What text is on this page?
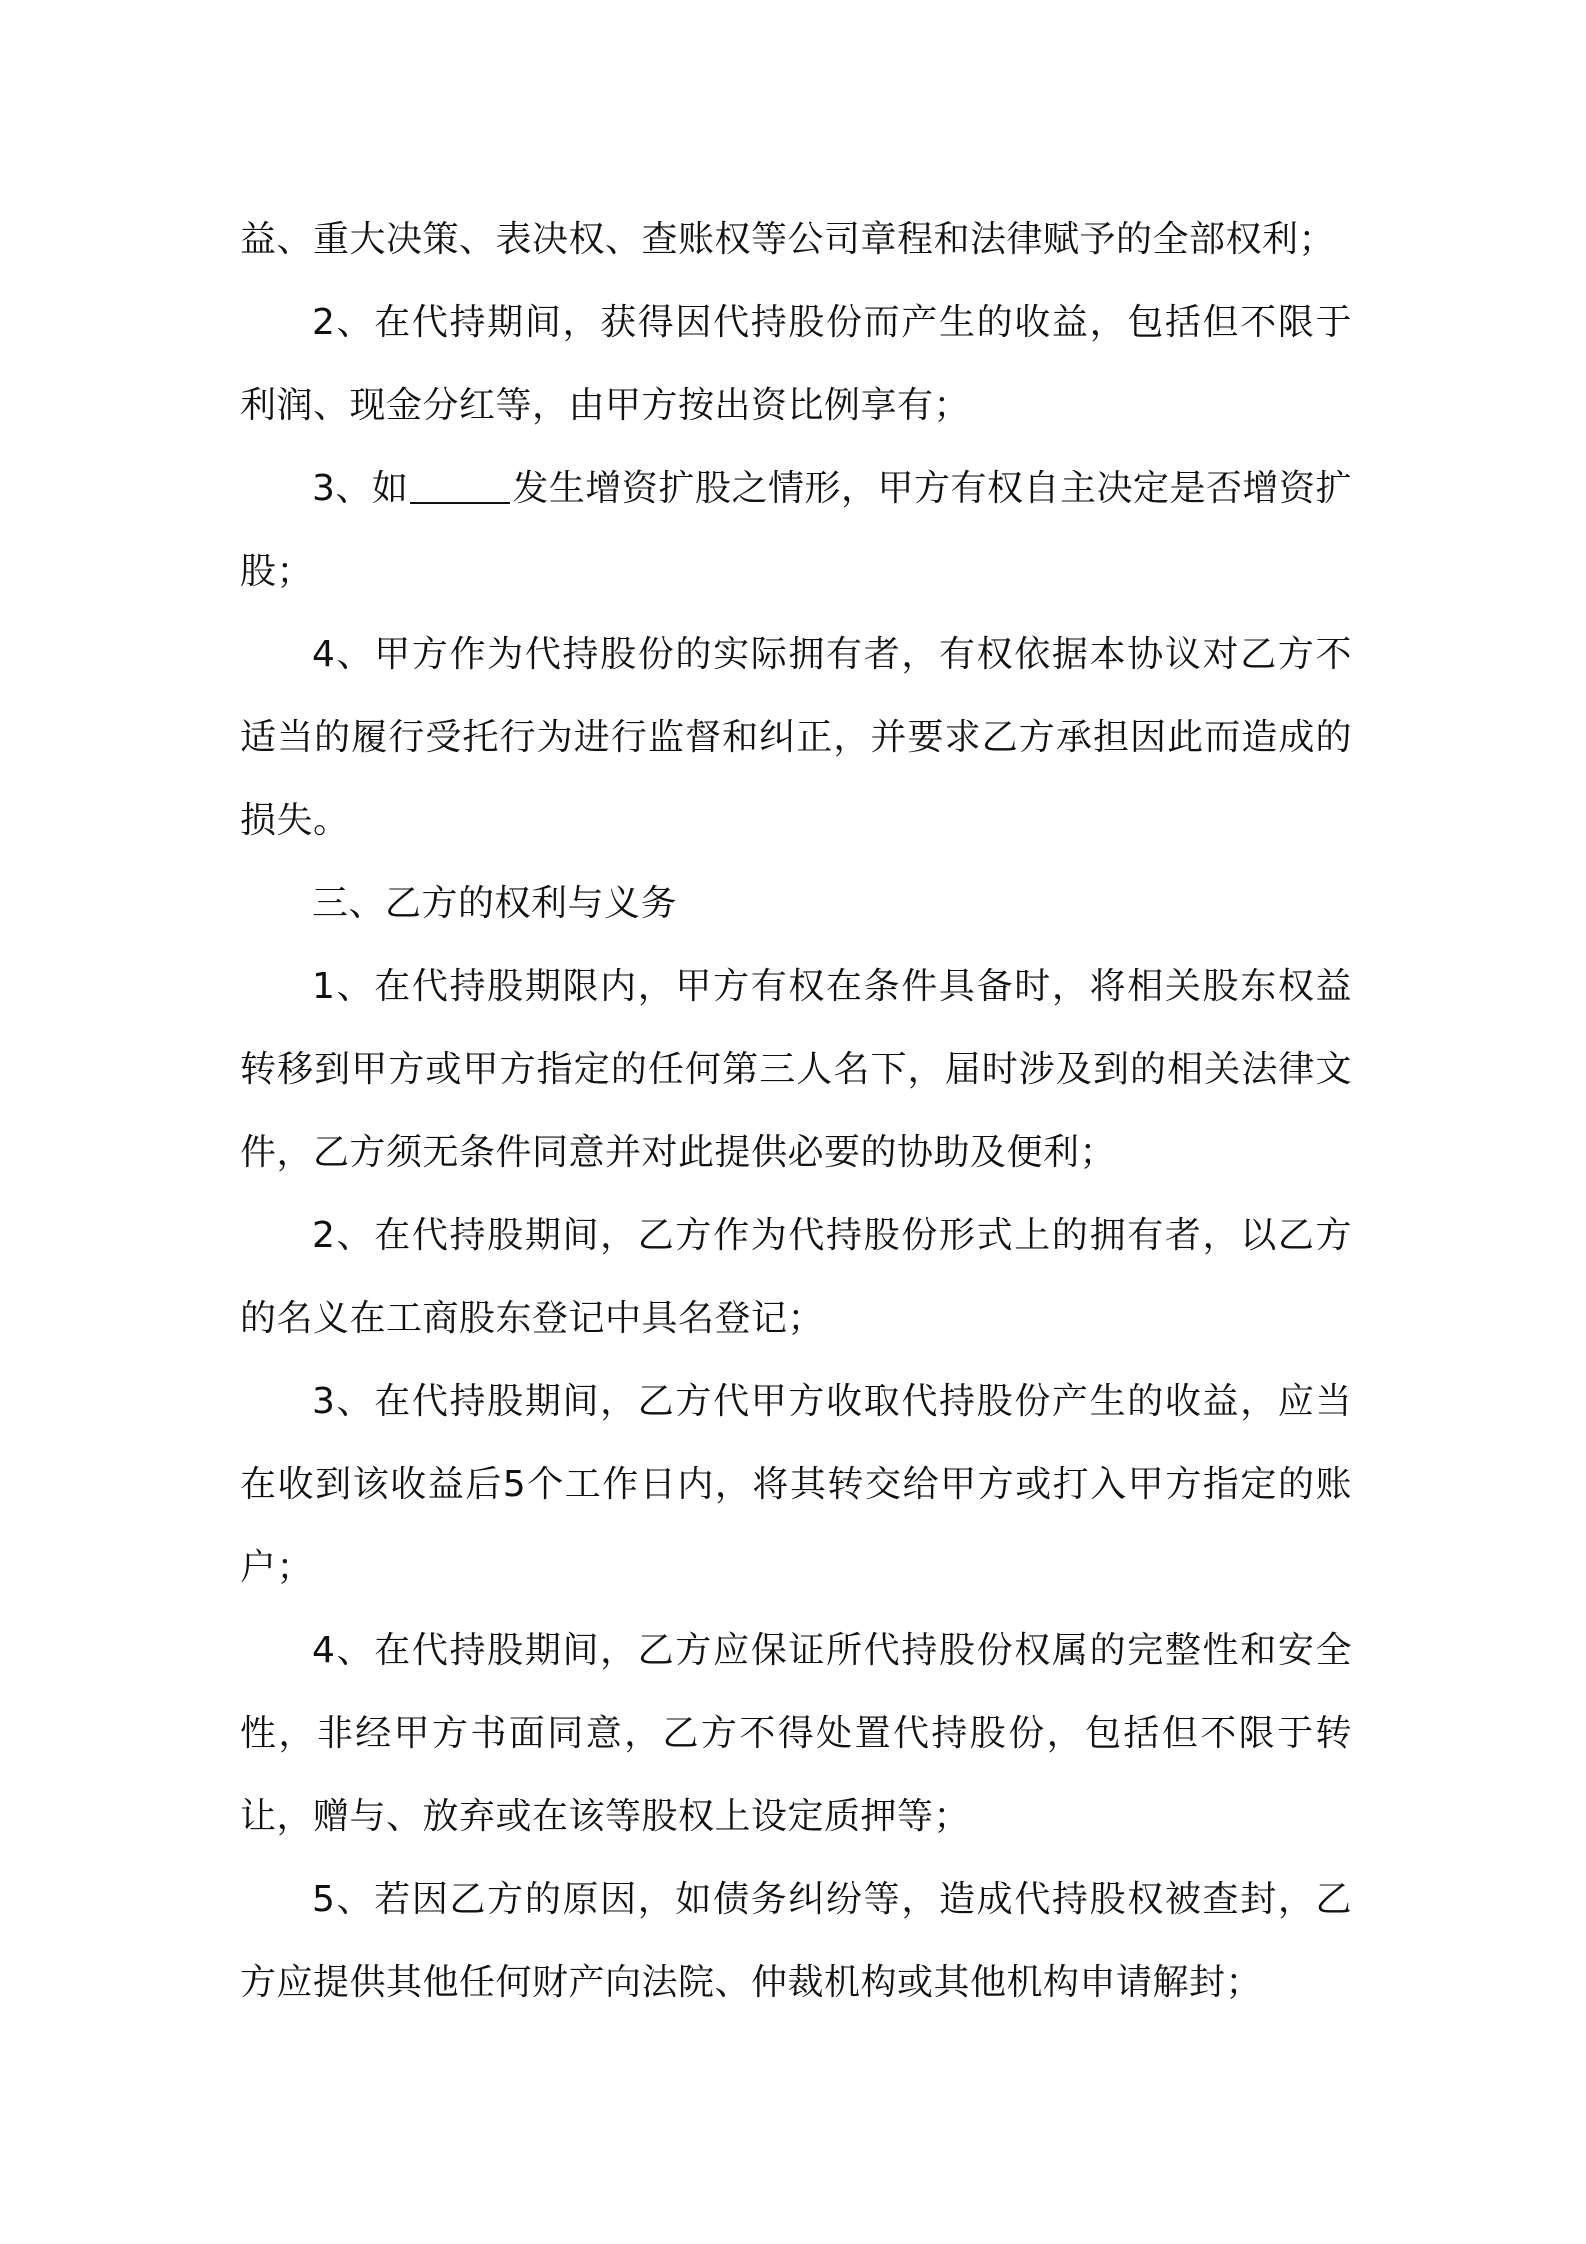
益、重大决策、表决权、查账权等公司章程和法律赋予的全部权利；

2、在代持期间，获得因代持股份而产生的收益，包括但不限于利润、现金分红等，由甲方按出资比例享有；

3、如	发生增资扩股之情形，甲方有权自主决定是否增资扩股；

4、甲方作为代持股份的实际拥有者，有权依据本协议对乙方不适当的履行受托行为进行监督和纠正，并要求乙方承担因此而造成的损失。

三、乙方的权利与义务

1、在代持股期限内，甲方有权在条件具备时，将相关股东权益转移到甲方或甲方指定的任何第三人名下，届时涉及到的相关法律文件，乙方须无条件同意并对此提供必要的协助及便利；

2、在代持股期间，乙方作为代持股份形式上的拥有者，以乙方的名义在工商股东登记中具名登记；

3、在代持股期间，乙方代甲方收取代持股份产生的收益，应当在收到该收益后5个工作日内，将其转交给甲方或打入甲方指定的账户；

4、在代持股期间，乙方应保证所代持股份权属的完整性和安全性，非经甲方书面同意，乙方不得处置代持股份，包括但不限于转让，赠与、放弃或在该等股权上设定质押等；

5、若因乙方的原因，如债务纠纷等，造成代持股权被查封，乙方应提供其他任何财产向法院、仲裁机构或其他机构申请解封；
